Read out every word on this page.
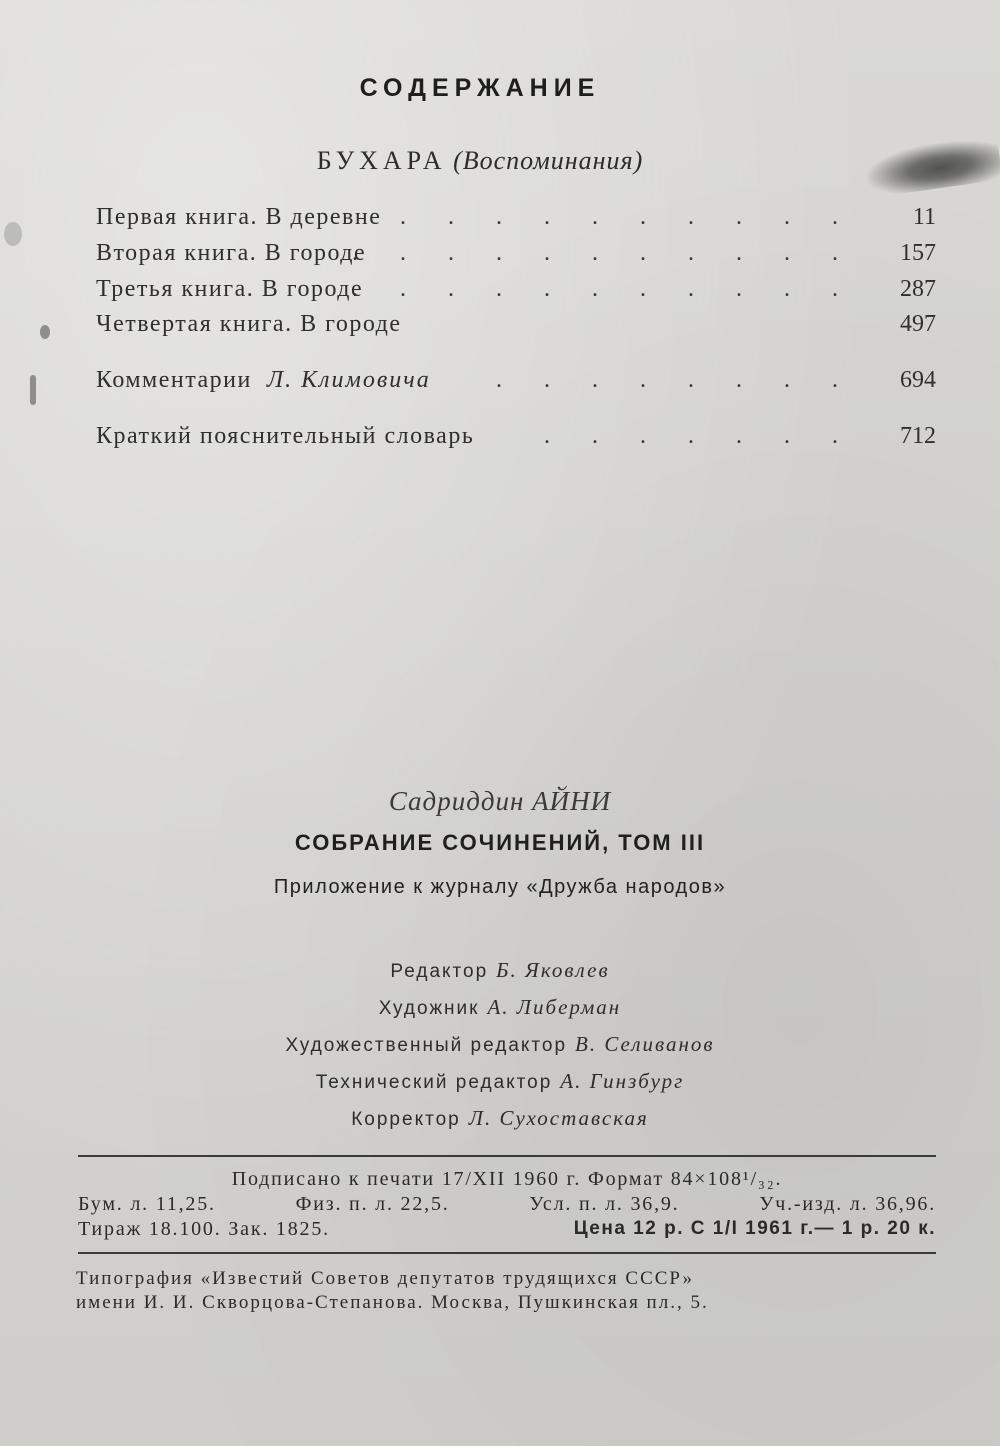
СОДЕРЖАНИЕ
БУХАРА (Воспоминания)
. . . . . . . . . .
Первая книга. В деревне	11
. . . . . . . . . . .
Вторая книга. В городе	157
. . . . . . . . . . .
Третья книга. В городе	287
Четвертая книга. В городе	497
. . . . . . . .
Комментарии Л. Климовича	694
. . . . . . .
Краткий пояснительный словарь	712
Садриддин АЙНИ
СОБРАНИЕ СОЧИНЕНИЙ, ТОМ III
Приложение к журналу «Дружба народов»
Редактор Б. Яковлев
Художник А. Либерман
Художественный редактор В. Селиванов
Технический редактор А. Гинзбург
Корректор Л. Сухоставская
Подписано к печати 17/XII 1960 г. Формат 84×108¹/₃₂.
Бум. л. 11,25.	Физ. п. л. 22,5.	Усл. п. л. 36,9.	Уч.-изд. л. 36,96.
Тираж 18.100. Зак. 1825.	Цена 12 р. С 1/I 1961 г.— 1 р. 20 к.
Типография «Известий Советов депутатов трудящихся СССР»
имени И. И. Скворцова-Степанова. Москва, Пушкинская пл., 5.
